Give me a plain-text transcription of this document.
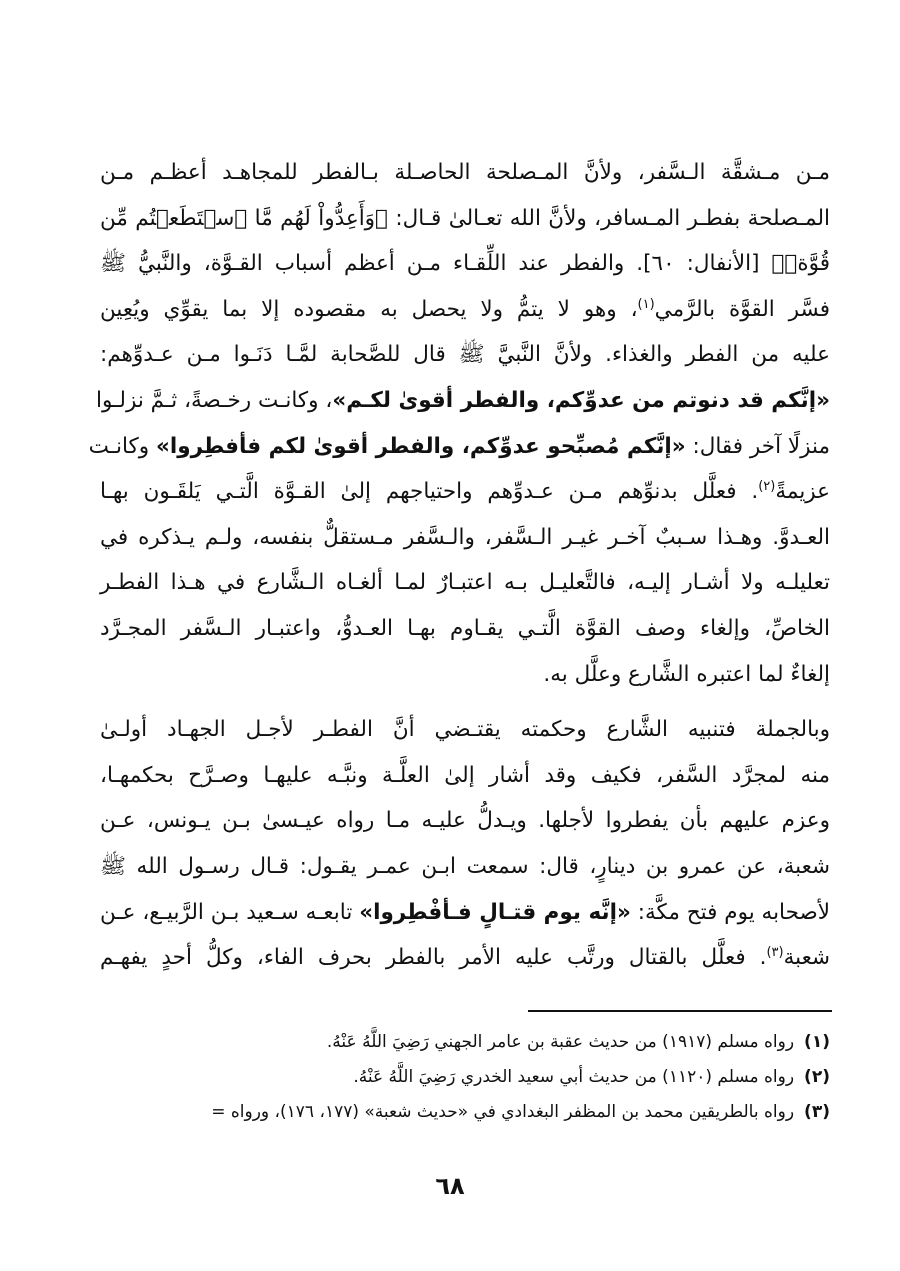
مـن مـشقَّة الـسَّفر، ولأنَّ المـصلحة الحاصـلة بـالفطر للمجاهـد أعظـم مـن
المـصلحة بفطـر المـسافر، ولأنَّ الله تعـالىٰ قـال: ﴿وَأَعِدُّواْ لَهُم مَّا ٱسۡتَطَعۡتُم مِّن
قُوَّةٖ﴾ [الأنفال: ٦٠]. والفطر عند اللِّقـاء مـن أعظم أسباب القـوَّة، والنَّبيُّ ﷺ
فسَّر القوَّة بالرَّمي$^{(١)}$، وهو لا يتمُّ ولا يحصل به مقصوده إلا بما يقوِّي ويُعِين
عليه من الفطر والغذاء. ولأنَّ النَّبيَّ ﷺ قال للصَّحابة لمَّـا دَنَـوا مـن عـدوِّهم:
«إنَّكم قد دنوتم من عدوِّكم، والفطر أقوىٰ لكـم»، وكانـت رخـصةً، ثـمَّ نزلـوا
منزلًا آخر فقال: «إنَّكم مُصبِّحو عدوِّكم، والفطر أقوىٰ لكم فأفطِروا» وكانـت
عزيمةً$^{(٢)}$. فعلَّل بدنوِّهم مـن عـدوِّهم واحتياجهم إلىٰ القـوَّة الَّتـي يَلقَـون بهـا
العـدوَّ. وهـذا سـببٌ آخـر غيـر الـسَّفر، والـسَّفر مـستقلٌّ بنفسه، ولـم يـذكره في
تعليلـه ولا أشـار إليـه، فالتَّعليـل بـه اعتبـارٌ لمـا ألغـاه الـشَّارع في هـذا الفطـر
الخاصِّ، وإلغاء وصف القوَّة الَّتـي يقـاوم بهـا العـدوُّ، واعتبـار الـسَّفر المجـرَّد
إلغاءٌ لما اعتبره الشَّارع وعلَّل به.
وبالجملة فتنبيه الشَّارع وحكمته يقتـضي أنَّ الفطـر لأجـل الجهـاد أولـىٰ
منه لمجرَّد السَّفر، فكيف وقد أشار إلىٰ العلَّـة ونبَّـه عليهـا وصـرَّح بحكمهـا،
وعزم عليهم بأن يفطروا لأجلها. ويـدلُّ عليـه مـا رواه عيـسىٰ بـن يـونس، عـن
شعبة، عن عمرو بن دينارٍ، قال: سمعت ابـن عمـر يقـول: قـال رسـول الله ﷺ
لأصحابه يوم فتح مكَّة: «إنَّه يوم قتـالٍ فـأفْطِروا» تابعـه سـعيد بـن الرَّبيـع، عـن
شعبة$^{(٣)}$. فعلَّل بالقتال ورتَّب عليه الأمر بالفطر بحرف الفاء، وكلُّ أحدٍ يفهـم
(١)رواه مسلم (١٩١٧) من حديث عقبة بن عامر الجهني رَضِيَ اللَّهُ عَنْهُ.
(٢)رواه مسلم (١١٢٠) من حديث أبي سعيد الخدري رَضِيَ اللَّهُ عَنْهُ.
(٣)رواه بالطريقين محمد بن المظفر البغدادي في «حديث شعبة» (١٧٧، ١٧٦)، ورواه =
٦٨
